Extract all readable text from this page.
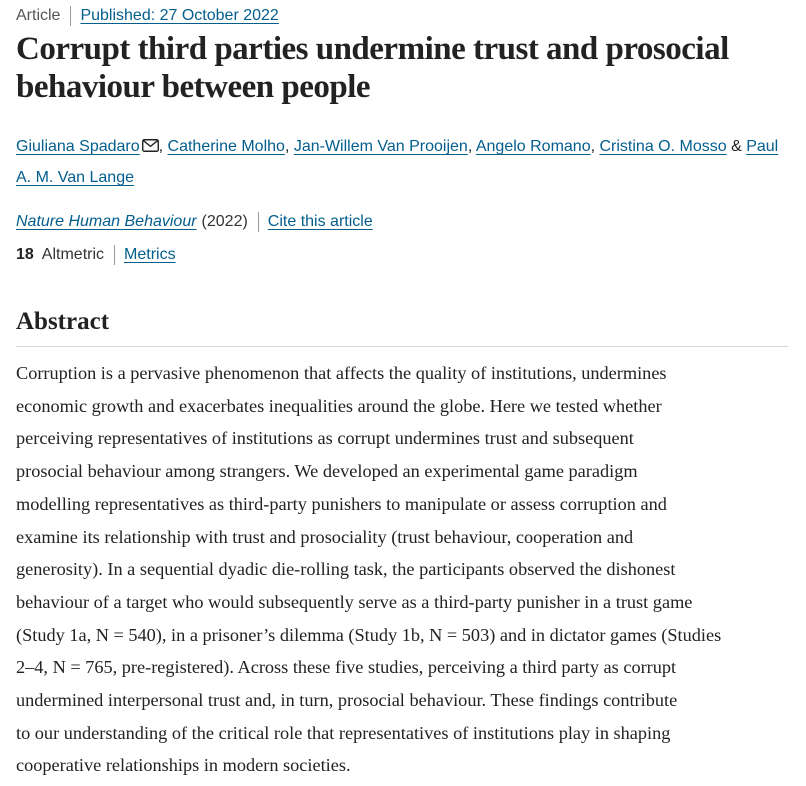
Article Published: 27 October 2022
Corrupt third parties undermine trust and prosocial behaviour between people
Giuliana Spadaro , Catherine Molho, Jan-Willem Van Prooijen, Angelo Romano, Cristina O. Mosso & Paul A. M. Van Lange
Nature Human Behaviour (2022) Cite this article
18 Altmetric Metrics
Abstract

Corruption is a pervasive phenomenon that affects the quality of institutions, undermines
economic growth and exacerbates inequalities around the globe. Here we tested whether
perceiving representatives of institutions as corrupt undermines trust and subsequent
prosocial behaviour among strangers. We developed an experimental game paradigm
modelling representatives as third-party punishers to manipulate or assess corruption and
examine its relationship with trust and prosociality (trust behaviour, cooperation and
generosity). In a sequential dyadic die-rolling task, the participants observed the dishonest
behaviour of a target who would subsequently serve as a third-party punisher in a trust game
(Study 1a, N = 540), in a prisoner’s dilemma (Study 1b, N = 503) and in dictator games (Studies
2–4, N = 765, pre-registered). Across these five studies, perceiving a third party as corrupt
undermined interpersonal trust and, in turn, prosocial behaviour. These findings contribute
to our understanding of the critical role that representatives of institutions play in shaping
cooperative relationships in modern societies.
